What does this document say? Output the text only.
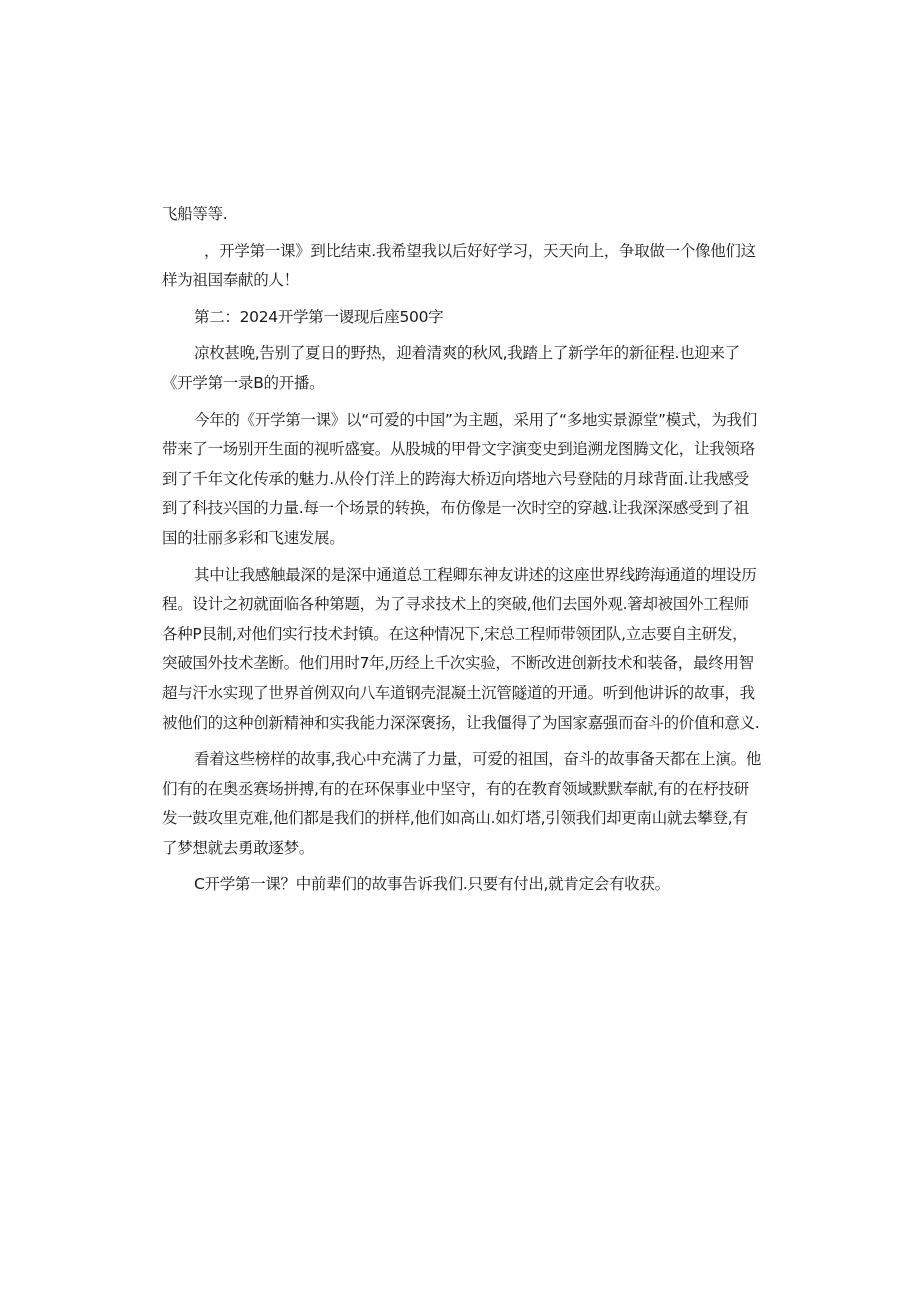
飞船等等.

，开学第一课》到比结束.我希望我以后好好学习，天天向上，争取做一个像他们这样为祖国奉献的人！

第二：2024开学第一谡现后座500字

凉枚甚晚,告别了夏日的野热，迎着清爽的秋风,我踏上了新学年的新征程.也迎来了《开学第一录B的开播。

今年的《开学第一课》以“可爱的中国”为主题，采用了“多地实景源堂”模式，为我们带来了一场别开生面的视听盛宴。从股城的甲骨文字演变史到追溯龙图腾文化，让我领珞到了千年文化传承的魅力.从伶仃洋上的跨海大桥迈向塔地六号登陆的月球背面.让我感受到了科技兴国的力量.每一个场景的转换，布仿像是一次时空的穿越.让我深深感受到了祖国的壮丽多彩和飞速发展。

其中让我感触最深的是深中通道总工程卿东神友讲述的这座世界线跨海通道的埋设历程。设计之初就面临各种第题，为了寻求技术上的突破,他们去国外观.箸却被国外工程师各种P艮制,对他们实行技术封镇。在这种情况下,宋总工程师带领团队,立志要自主研发，突破国外技术垄断。他们用时7年,历经上千次实验，不断改进创新技术和装备，最终用智超与汗水实现了世界首例双向八车道钢壳混凝土沉管隧道的开通。听到他讲诉的故事，我被他们的这种创新精神和实我能力深深褒扬，让我僵得了为国家嘉强而奋斗的价值和意义.

看着这些榜样的故事,我心中充满了力量，可爱的祖国，奋斗的故事备天都在上演。他们有的在奥丞赛场拼搏,有的在环保事业中坚守，有的在教育领域默默奉献,有的在杼技研发一鼓攻里克难,他们都是我们的拼样,他们如高山.如灯塔,引领我们却更南山就去攀登,有了梦想就去勇敢逐梦。

C开学第一课？中前辈们的故事告诉我们.只要有付出,就肯定会有收获。
